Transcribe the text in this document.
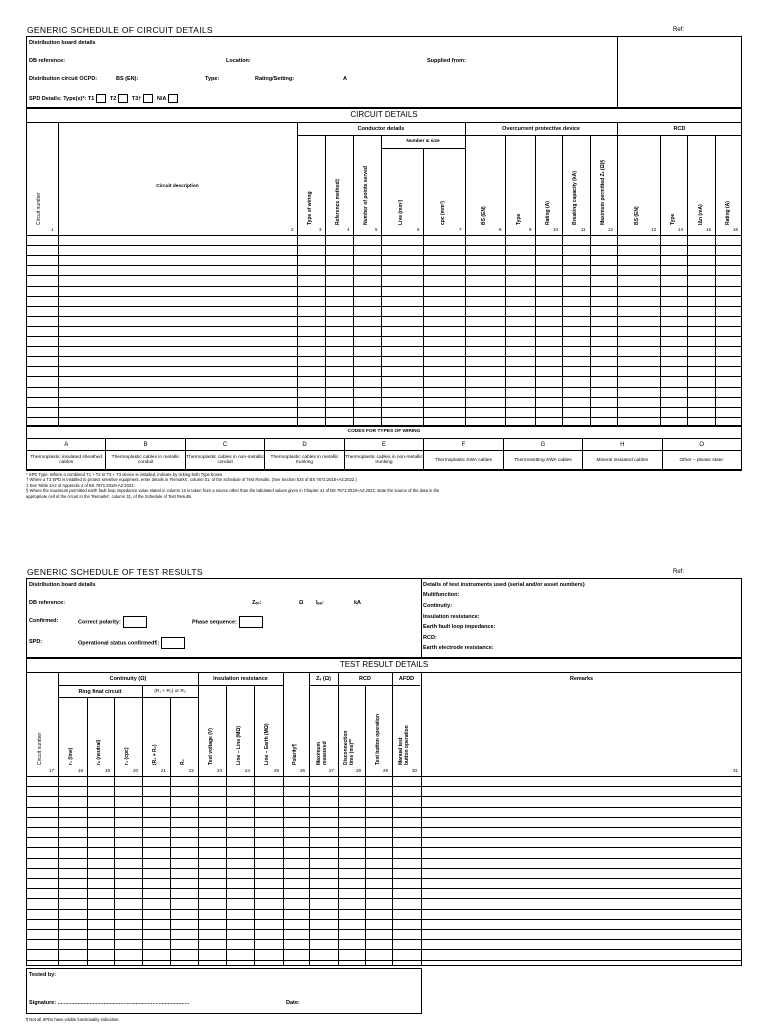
GENERIC SCHEDULE OF CIRCUIT DETAILS	Ref:
Distribution board details
DB reference:	Location:	Supplied from:
Distribution circuit OCPD:	BS (EN):	Type:	Rating/Setting:	A
SPD Details: Type(s)*: T1	T2	T3†	N/A
CIRCUIT DETAILS
Conductor details	Overcurrent protective device	RCD
Number & size
Circuit number
Circuit description
Type of wiring	Reference method‡	Number of points served	Live (mm²)	cpc (mm²)	BS (EN)	Type	Rating (A)	Breaking capacity (kA)	Maximum permitted Zₛ (Ω)§	BS (EN)	Type	IΔn (mA)	Rating (A)
1	2	3	4	5	6	7	8	9	10	11	12	13	14	15	16
CODES FOR TYPES OF WIRING
A	B	C	D	E	F	G	H	O
Thermoplastic insulated sheathed cables	Thermoplastic cables in metallic conduit	Thermoplastic cables in non-metallic conduit	Thermoplastic cables in metallic trunking	Thermoplastic cables in non-metallic trunking	Thermoplastic SWA cables	Thermosetting SWA cables	Mineral insulated cables	Other – please state:
* SPD Type. Where a combined T1 + T2 or T2 + T3 device is installed, indicate by ticking both Type boxes.
† Where a T3 SPD is installed to protect sensitive equipment, enter details in 'Remarks', column 31, of the Schedule of Test Results. (See Section 534 of BS 7671:2018+A2:2022.)
‡ See Table 4A2 of Appendix 4 of BS 7671:2018+A2:2022.
§ Where the maximum permitted earth fault loop impedance value stated in column 12 is taken from a source other than the tabulated values given in Chapter 41 of BS 7671:2018+A2:2022, state the source of the data in the
appropriate cell of the circuit in the 'Remarks', column 31, of the Schedule of Test Results.
GENERIC SCHEDULE OF TEST RESULTS	Ref:
Distribution board details
DB reference:	Zₑₙ:	Ω Iₚₑ:	kA
Confirmed:	Correct polarity:	Phase sequence:
SPD:	Operational status confirmed¶:
Details of test instruments used (serial and/or asset numbers)
Multifunction:
Continuity:
Insulation resistance:
Earth fault loop impedance:
RCD:
Earth electrode resistance:
TEST RESULT DETAILS
Continuity (Ω)	Insulation resistance	Zₛ (Ω)	RCD	AFDD	Remarks
Ring final circuit	(R₁ + R₂) or R₂
Circuit number	r₁ (line)	rₙ (neutral)	r₂ (cpc)	(R₁ + R₂)	R₂	Test voltage (V)	Line – Line (MΩ)	Line – Earth (MΩ)	Polarity¶	Maximum measured	Disconnection time (ms)**	Test button operation	Manual test button operation
17	18	19	20	21	22	23	24	25	26	27	28	29	30	31
Tested by:
Signature: ......................................................................................	Date:
¶ Not all SPDs have visible functionality indication.
